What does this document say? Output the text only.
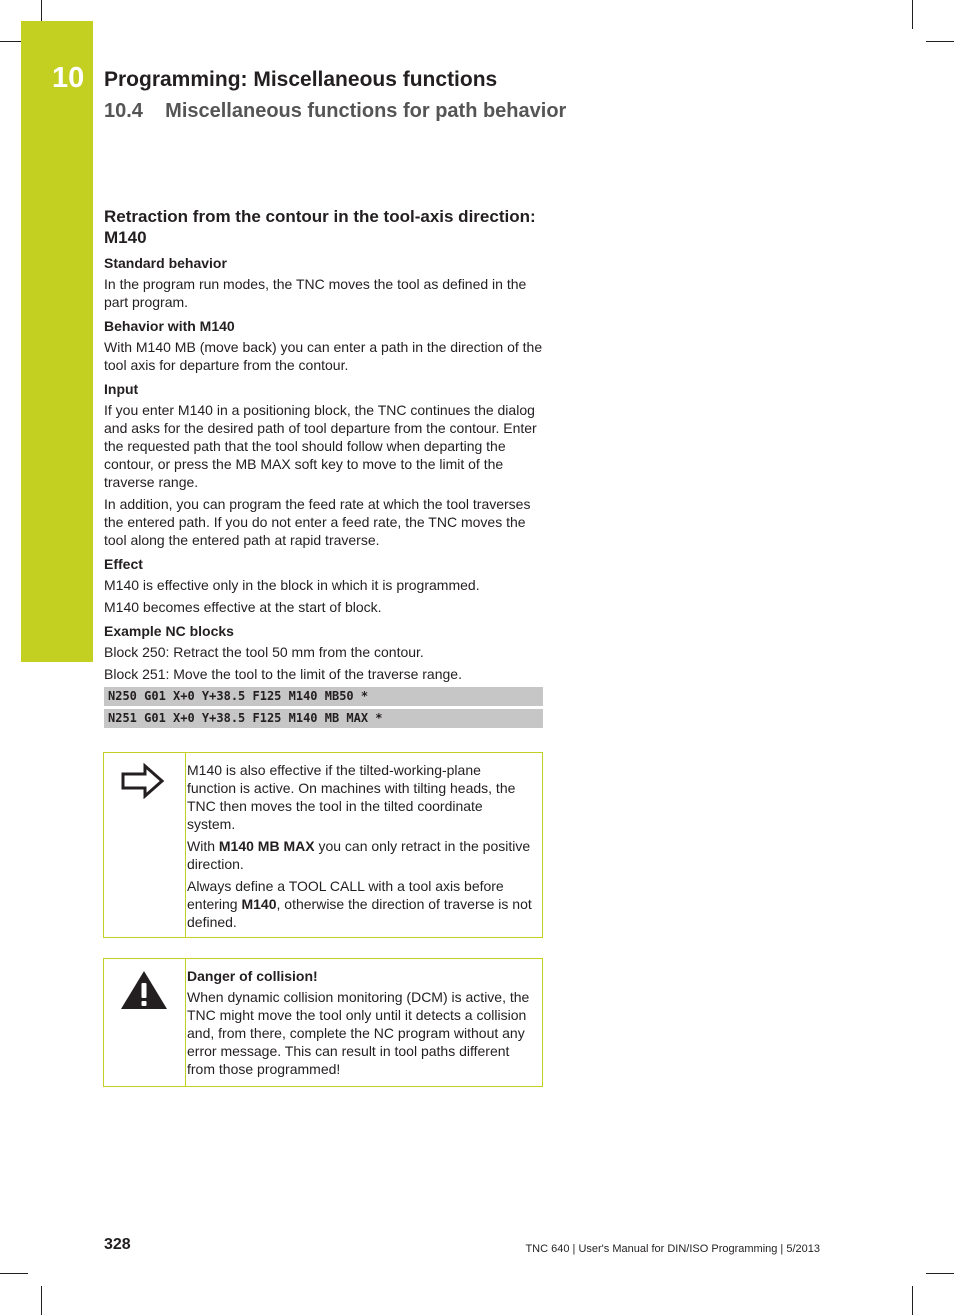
10 Programming: Miscellaneous functions
10.4    Miscellaneous functions for path behavior
Retraction from the contour in the tool-axis direction:
M140
Standard behavior

In the program run modes, the TNC moves the tool as defined in the part program.

Behavior with M140

With M140 MB (move back) you can enter a path in the direction of the tool axis for departure from the contour.

Input

If you enter M140 in a positioning block, the TNC continues the dialog and asks for the desired path of tool departure from the contour. Enter the requested path that the tool should follow when departing the contour, or press the MB MAX soft key to move to the limit of the traverse range.

In addition, you can program the feed rate at which the tool traverses the entered path. If you do not enter a feed rate, the TNC moves the tool along the entered path at rapid traverse.

Effect

M140 is effective only in the block in which it is programmed.

M140 becomes effective at the start of block.

Example NC blocks

Block 250: Retract the tool 50 mm from the contour.

Block 251: Move the tool to the limit of the traverse range.

N250 G01 X+0 Y+38.5 F125 M140 MB50 *
N251 G01 X+0 Y+38.5 F125 M140 MB MAX *

M140 is also effective if the tilted-working-plane function is active. On machines with tilting heads, the TNC then moves the tool in the tilted coordinate system.

With M140 MB MAX you can only retract in the positive direction.

Always define a TOOL CALL with a tool axis before entering M140, otherwise the direction of traverse is not defined.

Danger of collision!

When dynamic collision monitoring (DCM) is active, the TNC might move the tool only until it detects a collision and, from there, complete the NC program without any error message. This can result in tool paths different from those programmed!

328	TNC 640 | User's Manual for DIN/ISO Programming | 5/2013
